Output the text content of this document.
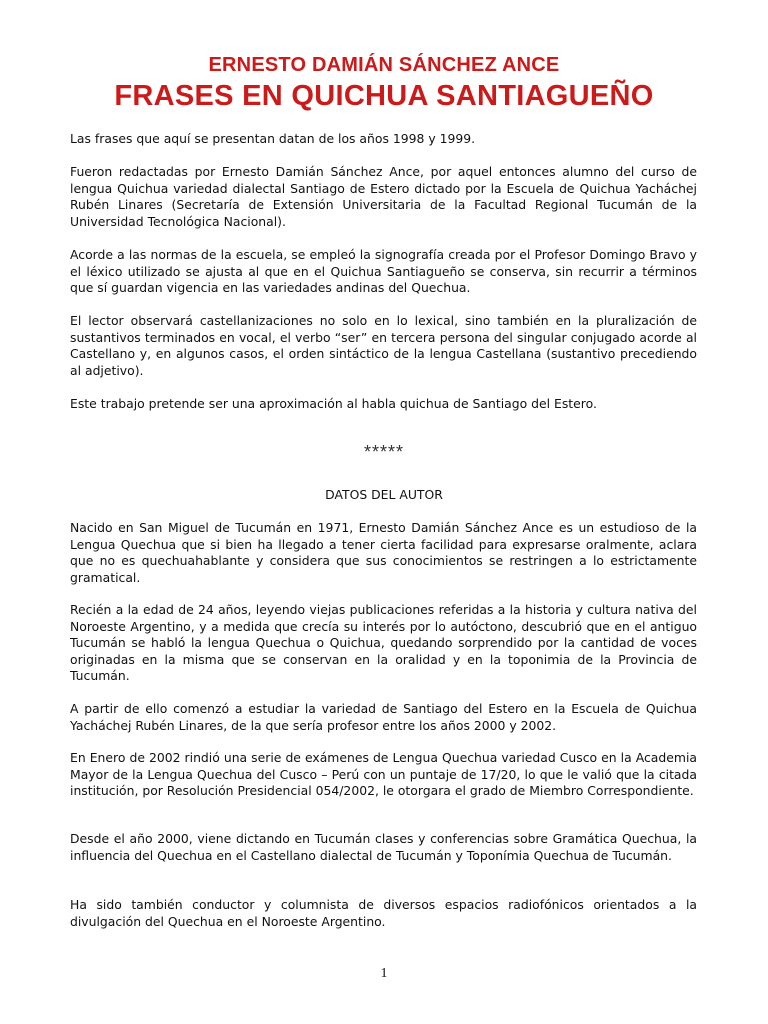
ERNESTO DAMIÁN SÁNCHEZ ANCE
FRASES EN QUICHUA SANTIAGUEÑO

Las frases que aquí se presentan datan de los años 1998 y 1999.

Fueron redactadas por Ernesto Damián Sánchez Ance, por aquel entonces alumno del curso de lengua Quichua variedad dialectal Santiago de Estero dictado por la Escuela de Quichua Yacháchej Rubén Linares (Secretaría de Extensión Universitaria de la Facultad Regional Tucumán de la Universidad Tecnológica Nacional).

Acorde a las normas de la escuela, se empleó la signografía creada por el Profesor Domingo Bravo y el léxico utilizado se ajusta al que en el Quichua Santiagueño se conserva, sin recurrir a términos que sí guardan vigencia en las variedades andinas del Quechua.

El lector observará castellanizaciones no solo en lo lexical, sino también en la pluralización de sustantivos terminados en vocal, el verbo “ser” en tercera persona del singular conjugado acorde al Castellano y, en algunos casos, el orden sintáctico de la lengua Castellana (sustantivo precediendo al adjetivo).

Este trabajo pretende ser una aproximación al habla quichua de Santiago del Estero.

*****
DATOS DEL AUTOR

Nacido en San Miguel de Tucumán en 1971, Ernesto Damián Sánchez Ance es un estudioso de la Lengua Quechua que si bien ha llegado a tener cierta facilidad para expresarse oralmente, aclara que no es quechuahablante y considera que sus conocimientos se restringen a lo estrictamente gramatical.

Recién a la edad de 24 años, leyendo viejas publicaciones referidas a la historia y cultura nativa del Noroeste Argentino, y a medida que crecía su interés por lo autóctono, descubrió que en el antiguo Tucumán se habló la lengua Quechua o Quichua, quedando sorprendido por la cantidad de voces originadas en la misma que se conservan en la oralidad y en la toponimia de la Provincia de Tucumán.

A partir de ello comenzó a estudiar la variedad de Santiago del Estero en la Escuela de Quichua Yacháchej Rubén Linares, de la que sería profesor entre los años 2000 y 2002.

En Enero de 2002 rindió una serie de exámenes de Lengua Quechua variedad Cusco en la Academia Mayor de la Lengua Quechua del Cusco – Perú con un puntaje de 17/20, lo que le valió que la citada institución, por Resolución Presidencial 054/2002, le otorgara el grado de Miembro Correspondiente.

Desde el año 2000, viene dictando en Tucumán clases y conferencias sobre Gramática Quechua, la influencia del Quechua en el Castellano dialectal de Tucumán y Toponímia Quechua de Tucumán.

Ha sido también conductor y columnista de diversos espacios radiofónicos orientados a la divulgación del Quechua en el Noroeste Argentino.

1
